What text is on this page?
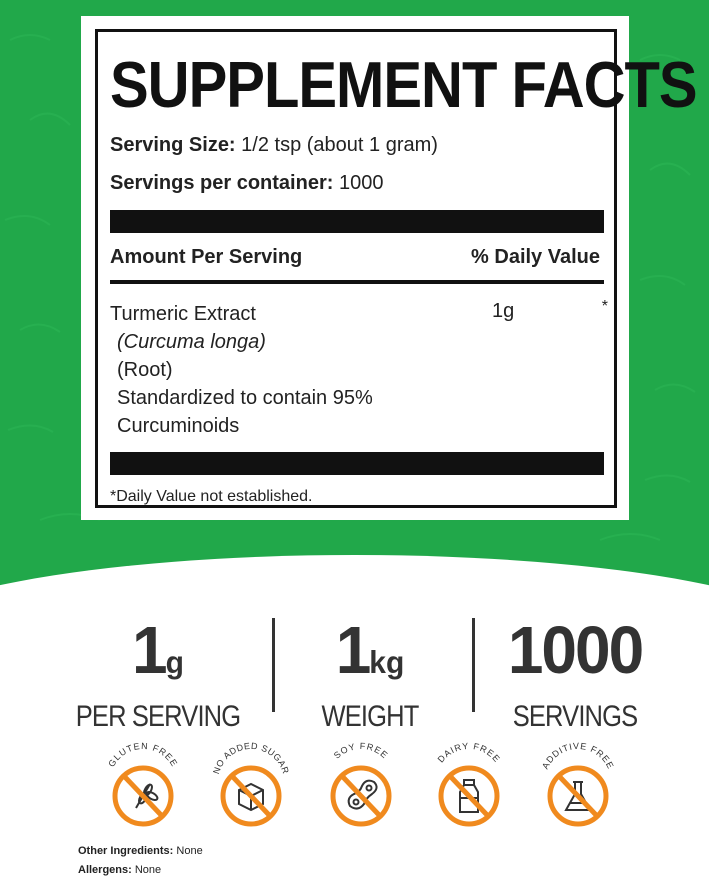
SUPPLEMENT FACTS
Serving Size: 1/2 tsp (about 1 gram)
Servings per container: 1000
Amount Per Serving	% Daily Value
Turmeric Extract
(Curcuma longa)
(Root)
Standardized to contain 95%
Curcuminoids
1g	*
*Daily Value not established.
1g
PER SERVING
1kg
WEIGHT
1000
SERVINGS
GLUTEN FREE
NO ADDED SUGAR
SOY FREE	DAIRY FREE
ADDITIVE FREE
Other Ingredients: None
Allergens: None
